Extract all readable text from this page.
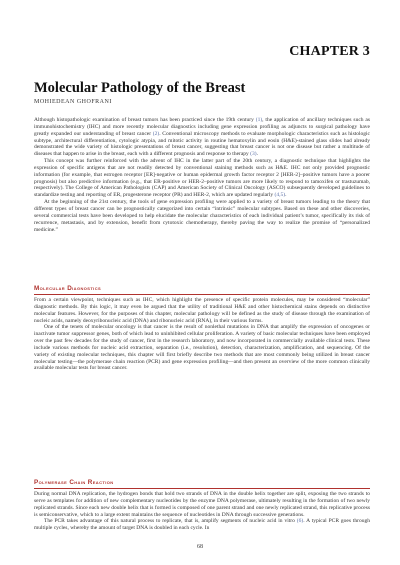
CHAPTER 3
Molecular Pathology of the Breast
MOHIEDEAN GHOFRANI

Although histopathologic examination of breast tumors has been practiced since the 19th century (1), the application of ancillary techniques such as immunohistochemistry (IHC) and more recently molecular diagnostics including gene expression profiling as adjuncts to surgical pathology have greatly expanded our understanding of breast cancer (2). Conventional microscopy methods to evaluate morphologic characteristics such as histologic subtype, architectural differentiation, cytologic atypia, and mitotic activity in routine hematoxylin and eosin (H&E)-stained glass slides had already demonstrated the wide variety of histologic presentations of breast cancer, suggesting that breast cancer is not one disease but rather a multitude of diseases that happen to arise in the breast, each with a different prognosis and response to therapy (3).

This concept was further reinforced with the advent of IHC in the latter part of the 20th century, a diagnostic technique that highlights the expression of specific antigens that are not readily detected by conventional staining methods such as H&E. IHC not only provided prognostic information (for example, that estrogen receptor [ER]-negative or human epidermal growth factor receptor 2 [HER-2]–positive tumors have a poorer prognosis) but also predictive information (e.g., that ER-positive or HER-2–positive tumors are more likely to respond to tamoxifen or trastuzumab, respectively). The College of American Pathologists (CAP) and American Society of Clinical Oncology (ASCO) subsequently developed guidelines to standardize testing and reporting of ER, progesterone receptor (PR) and HER-2, which are updated regularly (4,5).

At the beginning of the 21st century, the tools of gene expression profiling were applied to a variety of breast tumors leading to the theory that different types of breast cancer can be prognostically categorized into certain “intrinsic” molecular subtypes. Based on these and other discoveries, several commercial tests have been developed to help elucidate the molecular characteristics of each individual patient’s tumor, specifically its risk of recurrence, metastasis, and by extension, benefit from cytotoxic chemotherapy, thereby paving the way to realize the promise of “personalized medicine.”

Molecular Diagnostics

From a certain viewpoint, techniques such as IHC, which highlight the presence of specific protein molecules, may be considered “molecular” diagnostic methods. By this logic, it may even be argued that the utility of traditional H&E and other histochemical stains depends on distinctive molecular features. However, for the purposes of this chapter, molecular pathology will be defined as the study of disease through the examination of nucleic acids, namely deoxyribonucleic acid (DNA) and ribonucleic acid (RNA), in their various forms.

One of the tenets of molecular oncology is that cancer is the result of nonlethal mutations in DNA that amplify the expression of oncogenes or inactivate tumor suppressor genes, both of which lead to uninhibited cellular proliferation. A variety of basic molecular techniques have been employed over the past few decades for the study of cancer, first in the research laboratory, and now incorporated in commercially available clinical tests. These include various methods for nucleic acid extraction, separation (i.e., resolution), detection, characterization, amplification, and sequencing. Of the variety of existing molecular techniques, this chapter will first briefly describe two methods that are most commonly being utilized in breast cancer molecular testing—the polymerase chain reaction (PCR) and gene expression profiling—and then present an overview of the more common clinically available molecular tests for breast cancer.

Polymerase Chain Reaction

During normal DNA replication, the hydrogen bonds that hold two strands of DNA in the double helix together are split, exposing the two strands to serve as templates for addition of new complementary nucleotides by the enzyme DNA polymerase, ultimately resulting in the formation of two newly replicated strands. Since each new double helix that is formed is composed of one parent strand and one newly replicated strand, this replicative process is semiconservative, which to a large extent maintains the sequence of nucleotides in DNA through successive generations.

The PCR takes advantage of this natural process to replicate, that is, amplify segments of nucleic acid in vitro (6). A typical PCR goes through multiple cycles, whereby the amount of target DNA is doubled in each cycle. In

68
